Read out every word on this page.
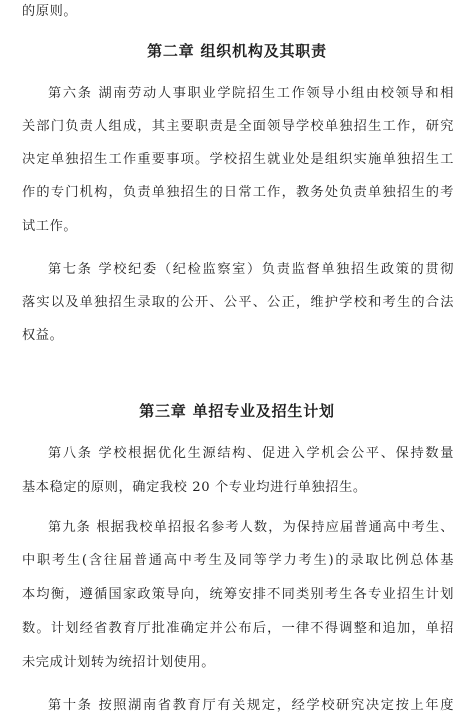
的原则。
第二章 组织机构及其职责
第六条 湖南劳动人事职业学院招生工作领导小组由校领导和相
关部门负责人组成，其主要职责是全面领导学校单独招生工作，研究
决定单独招生工作重要事项。学校招生就业处是组织实施单独招生工
作的专门机构，负责单独招生的日常工作，教务处负责单独招生的考
试工作。
第七条 学校纪委（纪检监察室）负责监督单独招生政策的贯彻
落实以及单独招生录取的公开、公平、公正，维护学校和考生的合法
权益。
第三章 单招专业及招生计划
第八条 学校根据优化生源结构、促进入学机会公平、保持数量
基本稳定的原则，确定我校 20 个专业均进行单独招生。
第九条 根据我校单招报名参考人数，为保持应届普通高中考生、
中职考生(含往届普通高中考生及同等学力考生)的录取比例总体基
本均衡，遵循国家政策导向，统筹安排不同类别考生各专业招生计划
数。计划经省教育厅批准确定并公布后，一律不得调整和追加，单招
未完成计划转为统招计划使用。
第十条 按照湖南省教育厅有关规定，经学校研究决定按上年度
